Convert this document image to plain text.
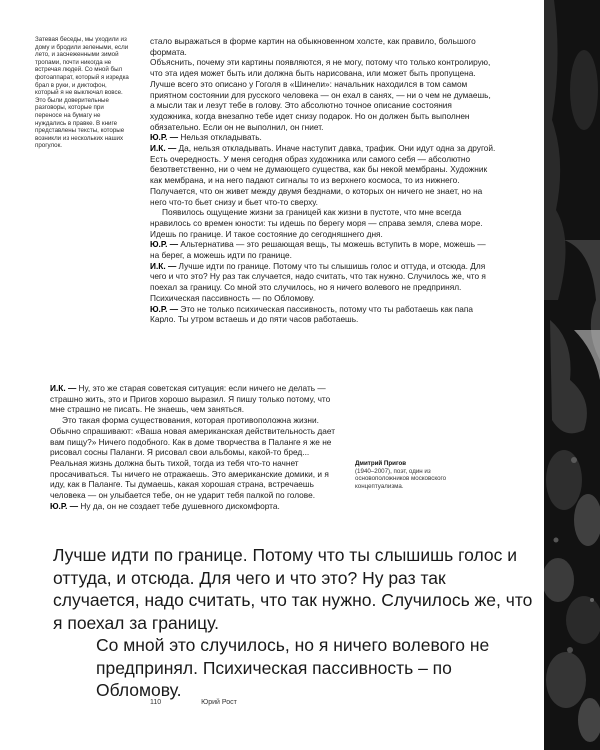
Затевая беседы, мы уходили из дому и бродили зелеными, если лето, и заснеженными зимой тропами, почти никогда не встречая людей. Со мной был фотоаппарат, который я изредка брал в руки, и диктофон, который я не выключал вовсе. Это были доверительные разговоры, которые при переносе на бумагу не нуждались в правке. В книге представлены тексты, которые возникли из нескольких наших прогулок.

стало выражаться в форме картин на обыкновенном холсте, как правило, большого формата.

Объяснить, почему эти картины появляются, я не могу, потому что только контролирую, что эта идея может быть или должна быть нарисована, или может быть пропущена. Лучше всего это описано у Гоголя в «Шинели»: начальник находился в том самом приятном состоянии для русского человека — он ехал в санях, — ни о чем не думаешь, а мысли так и лезут тебе в голову. Это абсолютно точное описание состояния художника, когда внезапно тебе идет снизу подарок. Но он должен быть выполнен обязательно. Если он не выполнил, он гниет.

Ю.Р. — Нельзя откладывать.

И.К. — Да, нельзя откладывать. Иначе наступит давка, трафик. Они идут одна за другой. Есть очередность. У меня сегодня образ художника или самого себя — абсолютно безответственно, ни о чем не думающего существа, как бы некой мембраны. Художник как мембрана, и на него падают сигналы то из верхнего космоса, то из нижнего. Получается, что он живет между двумя безднами, о которых он ничего не знает, но на него что-то бьет снизу и бьет что-то сверху.

Появилось ощущение жизни за границей как жизни в пустоте, что мне всегда нравилось со времен юности: ты идешь по берегу моря — справа земля, слева море. Идешь по границе. И такое состояние до сегодняшнего дня.

Ю.Р. — Альтернатива — это решающая вещь, ты можешь вступить в море, можешь — на берег, а можешь идти по границе.

И.К. — Лучше идти по границе. Потому что ты слышишь голос и оттуда, и отсюда. Для чего и что это? Ну раз так случается, надо считать, что так нужно. Случилось же, что я поехал за границу. Со мной это случилось, но я ничего волевого не предпринял. Психическая пассивность — по Обломову.

Ю.Р. — Это не только психическая пассивность, потому что ты работаешь как папа Карло. Ты утром встаешь и до пяти часов работаешь.

И.К. — Ну, это же старая советская ситуация: если ничего не делать — страшно жить, это и Пригов хорошо выразил. Я пишу только потому, что мне страшно не писать. Не знаешь, чем заняться.

Это такая форма существования, которая противоположна жизни. Обычно спрашивают: «Ваша новая американская действительность дает вам пищу?» Ничего подобного. Как в доме творчества в Паланге я же не рисовал сосны Паланги. Я рисовал свои альбомы, какой-то бред... Реальная жизнь должна быть тихой, тогда из тебя что-то начнет просачиваться. Ты ничего не отражаешь. Это американские домики, и я иду, как в Паланге. Ты думаешь, какая хорошая страна, встречаешь человека — он улыбается тебе, он не ударит тебя палкой по голове.

Ю.Р. — Ну да, он не создает тебе душевного дискомфорта.

Дмитрий Пригов
(1940–2007), поэт, один из основоположников московского концептуализма.

Лучше идти по границе. Потому что ты слышишь голос и оттуда, и отсюда. Для чего и что это? Ну раз так случается, надо считать, что так нужно. Случилось же, что я поехал за границу.

Со мной это случилось, но я ничего волевого не предпринял. Психическая пассивность – по Обломову.

110	Юрий Рост
